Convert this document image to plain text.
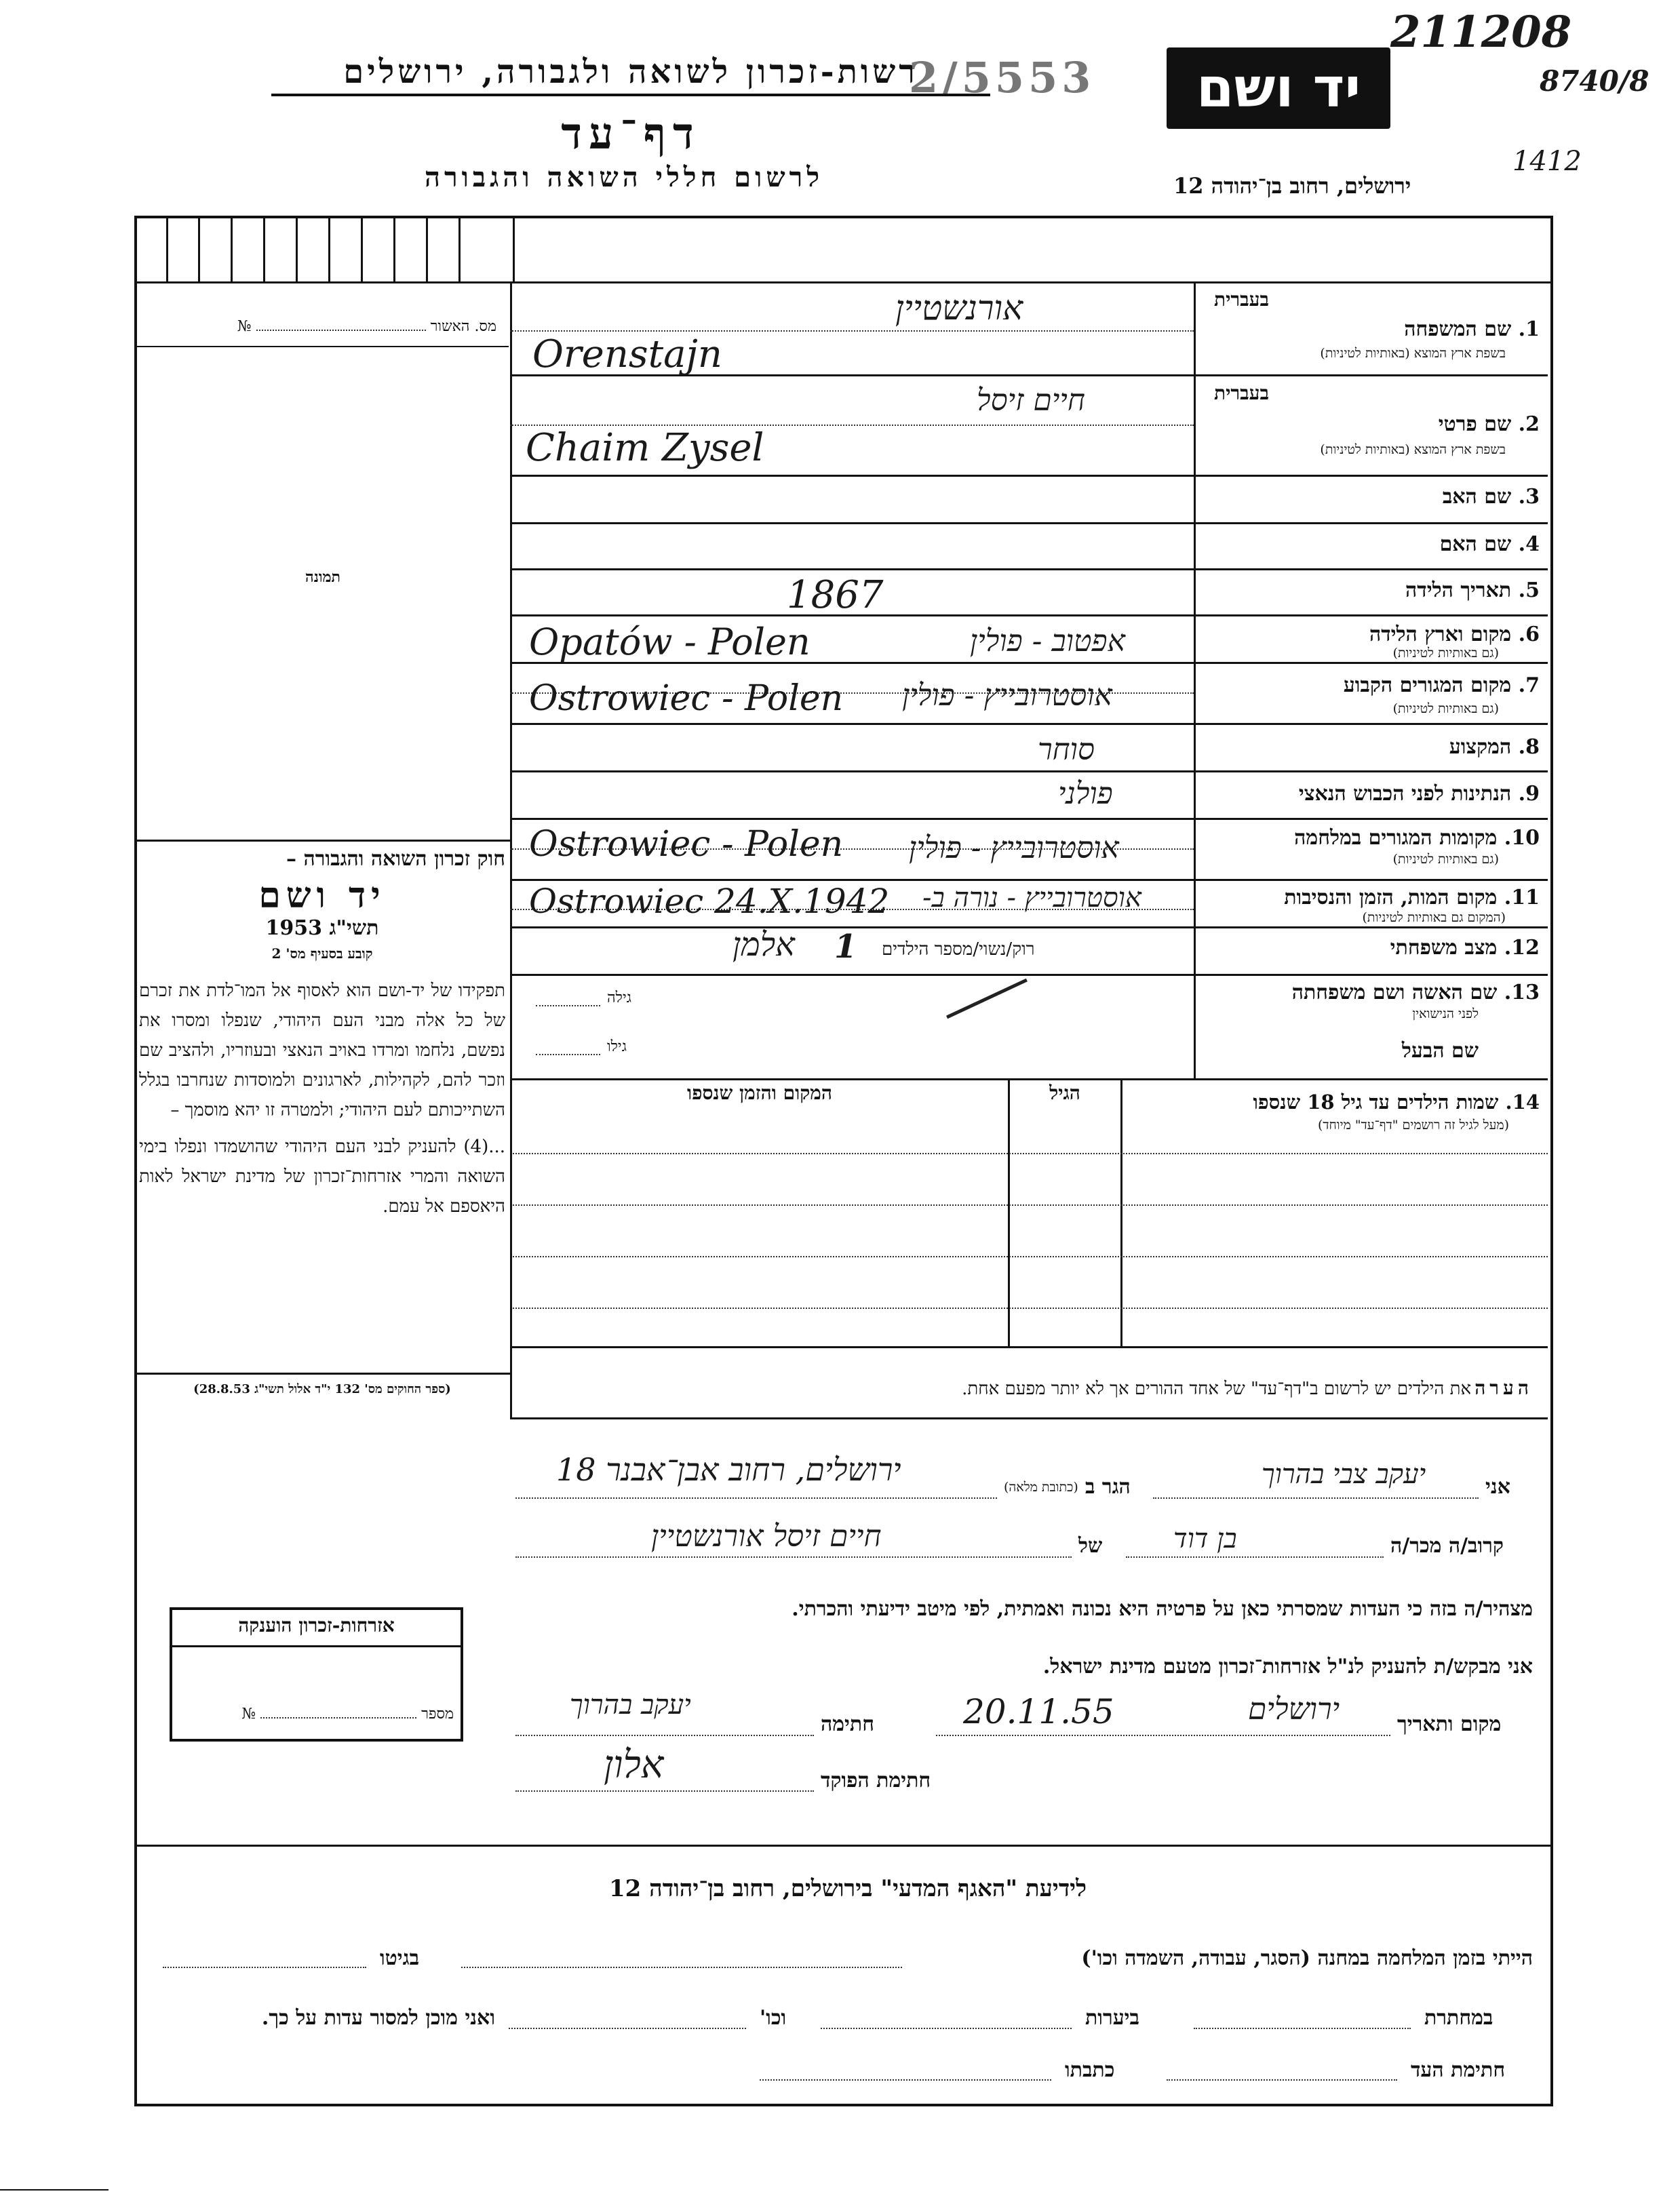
211208
8740/8
1412
2/5553
רשות-זכרון לשואה ולגבורה, ירושלים
דף־עד
לרשום חללי השואה והגבורה
יד ושם
ירושלים, רחוב בן־יהודה 12
מס. האשור  №
תמונה
חוק זכרון השואה והגבורה –
יד ושם
תשי"ג 1953
קובע בסעיף מס' 2
תפקידו של יד-ושם הוא לאסוף אל המו־לדת את זכרם של כל אלה מבני העם היהודי, שנפלו ומסרו את נפשם, נלחמו ומרדו באויב הנאצי ובעוזריו, ולהציב שם וזכר להם, לקהילות, לארגונים ולמוסדות שנחרבו בגלל השתייכותם לעם היהודי; ולמטרה זו יהא מוסמך –
...(4) להעניק לבני העם היהודי שהושמדו ונפלו בימי השואה והמרי אזרחות־זכרון של מדינת ישראל לאות היאספם אל עמם.
(ספר החוקים מס' 132 י"ד אלול תשי"ג 28.8.53)
בעברית
1. שם המשפחה
בשפת ארץ המוצא (באותיות לטיניות)
אורנשטיין
Orenstajn
בעברית
2. שם פרטי
בשפת ארץ המוצא (באותיות לטיניות)
חיים זיסל
Chaim Zysel
3. שם האב
4. שם האם
5. תאריך הלידה
1867
6. מקום וארץ הלידה
(גם באותיות לטיניות)
אפטוב - פולין
Opatów - Polen
7. מקום המגורים הקבוע
(גם באותיות לטיניות)
אוסטרובייץ - פולין
Ostrowiec - Polen
8. המקצוע
סוחר
9. הנתינות לפני הכבוש הנאצי
פולני
10. מקומות המגורים במלחמה
(גם באותיות לטיניות)
אוסטרובייץ - פולין
Ostrowiec - Polen
11. מקום המות, הזמן והנסיבות
(המקום גם באותיות לטיניות)
אוסטרובייץ - נורה ב-
Ostrowiec 24.X.1942
12. מצב משפחתי
רוק/נשוי/מספר הילדים
1
אלמן
13. שם האשה ושם משפחתה
לפני הנישואין
שם הבעל
גילה
גילו
14. שמות הילדים עד גיל 18 שנספו
(מעל לגיל זה רושמים "דף־עד" מיוחד)
הגיל
המקום והזמן שנספו
הערה את הילדים יש לרשום ב"דף־עד" של אחד ההורים אך לא יותר מפעם אחת.
אני
יעקב צבי בהרוך
הגר ב
(כתובת מלאה)
ירושלים, רחוב אבן־אבנר 18
קרוב/ה מכר/ה
בן דוד
של
חיים זיסל אורנשטיין
מצהיר/ה בזה כי העדות שמסרתי כאן על פרטיה היא נכונה ואמתית, לפי מיטב ידיעתי והכרתי.
אני מבקש/ת להעניק לנ"ל אזרחות־זכרון מטעם מדינת ישראל.
מקום ותאריך
ירושלים
20.11.55
חתימה
יעקב בהרוך
חתימת הפוקד
אלון
אזרחות-זכרון הוענקה
מספר  №
לידיעת "האגף המדעי" בירושלים, רחוב בן־יהודה 12
הייתי בזמן המלחמה במחנה (הסגר, עבודה, השמדה וכו')
בגיטו
במחתרת
ביערות
וכו'
ואני מוכן למסור עדות על כך.
חתימת העד
כתבתו
